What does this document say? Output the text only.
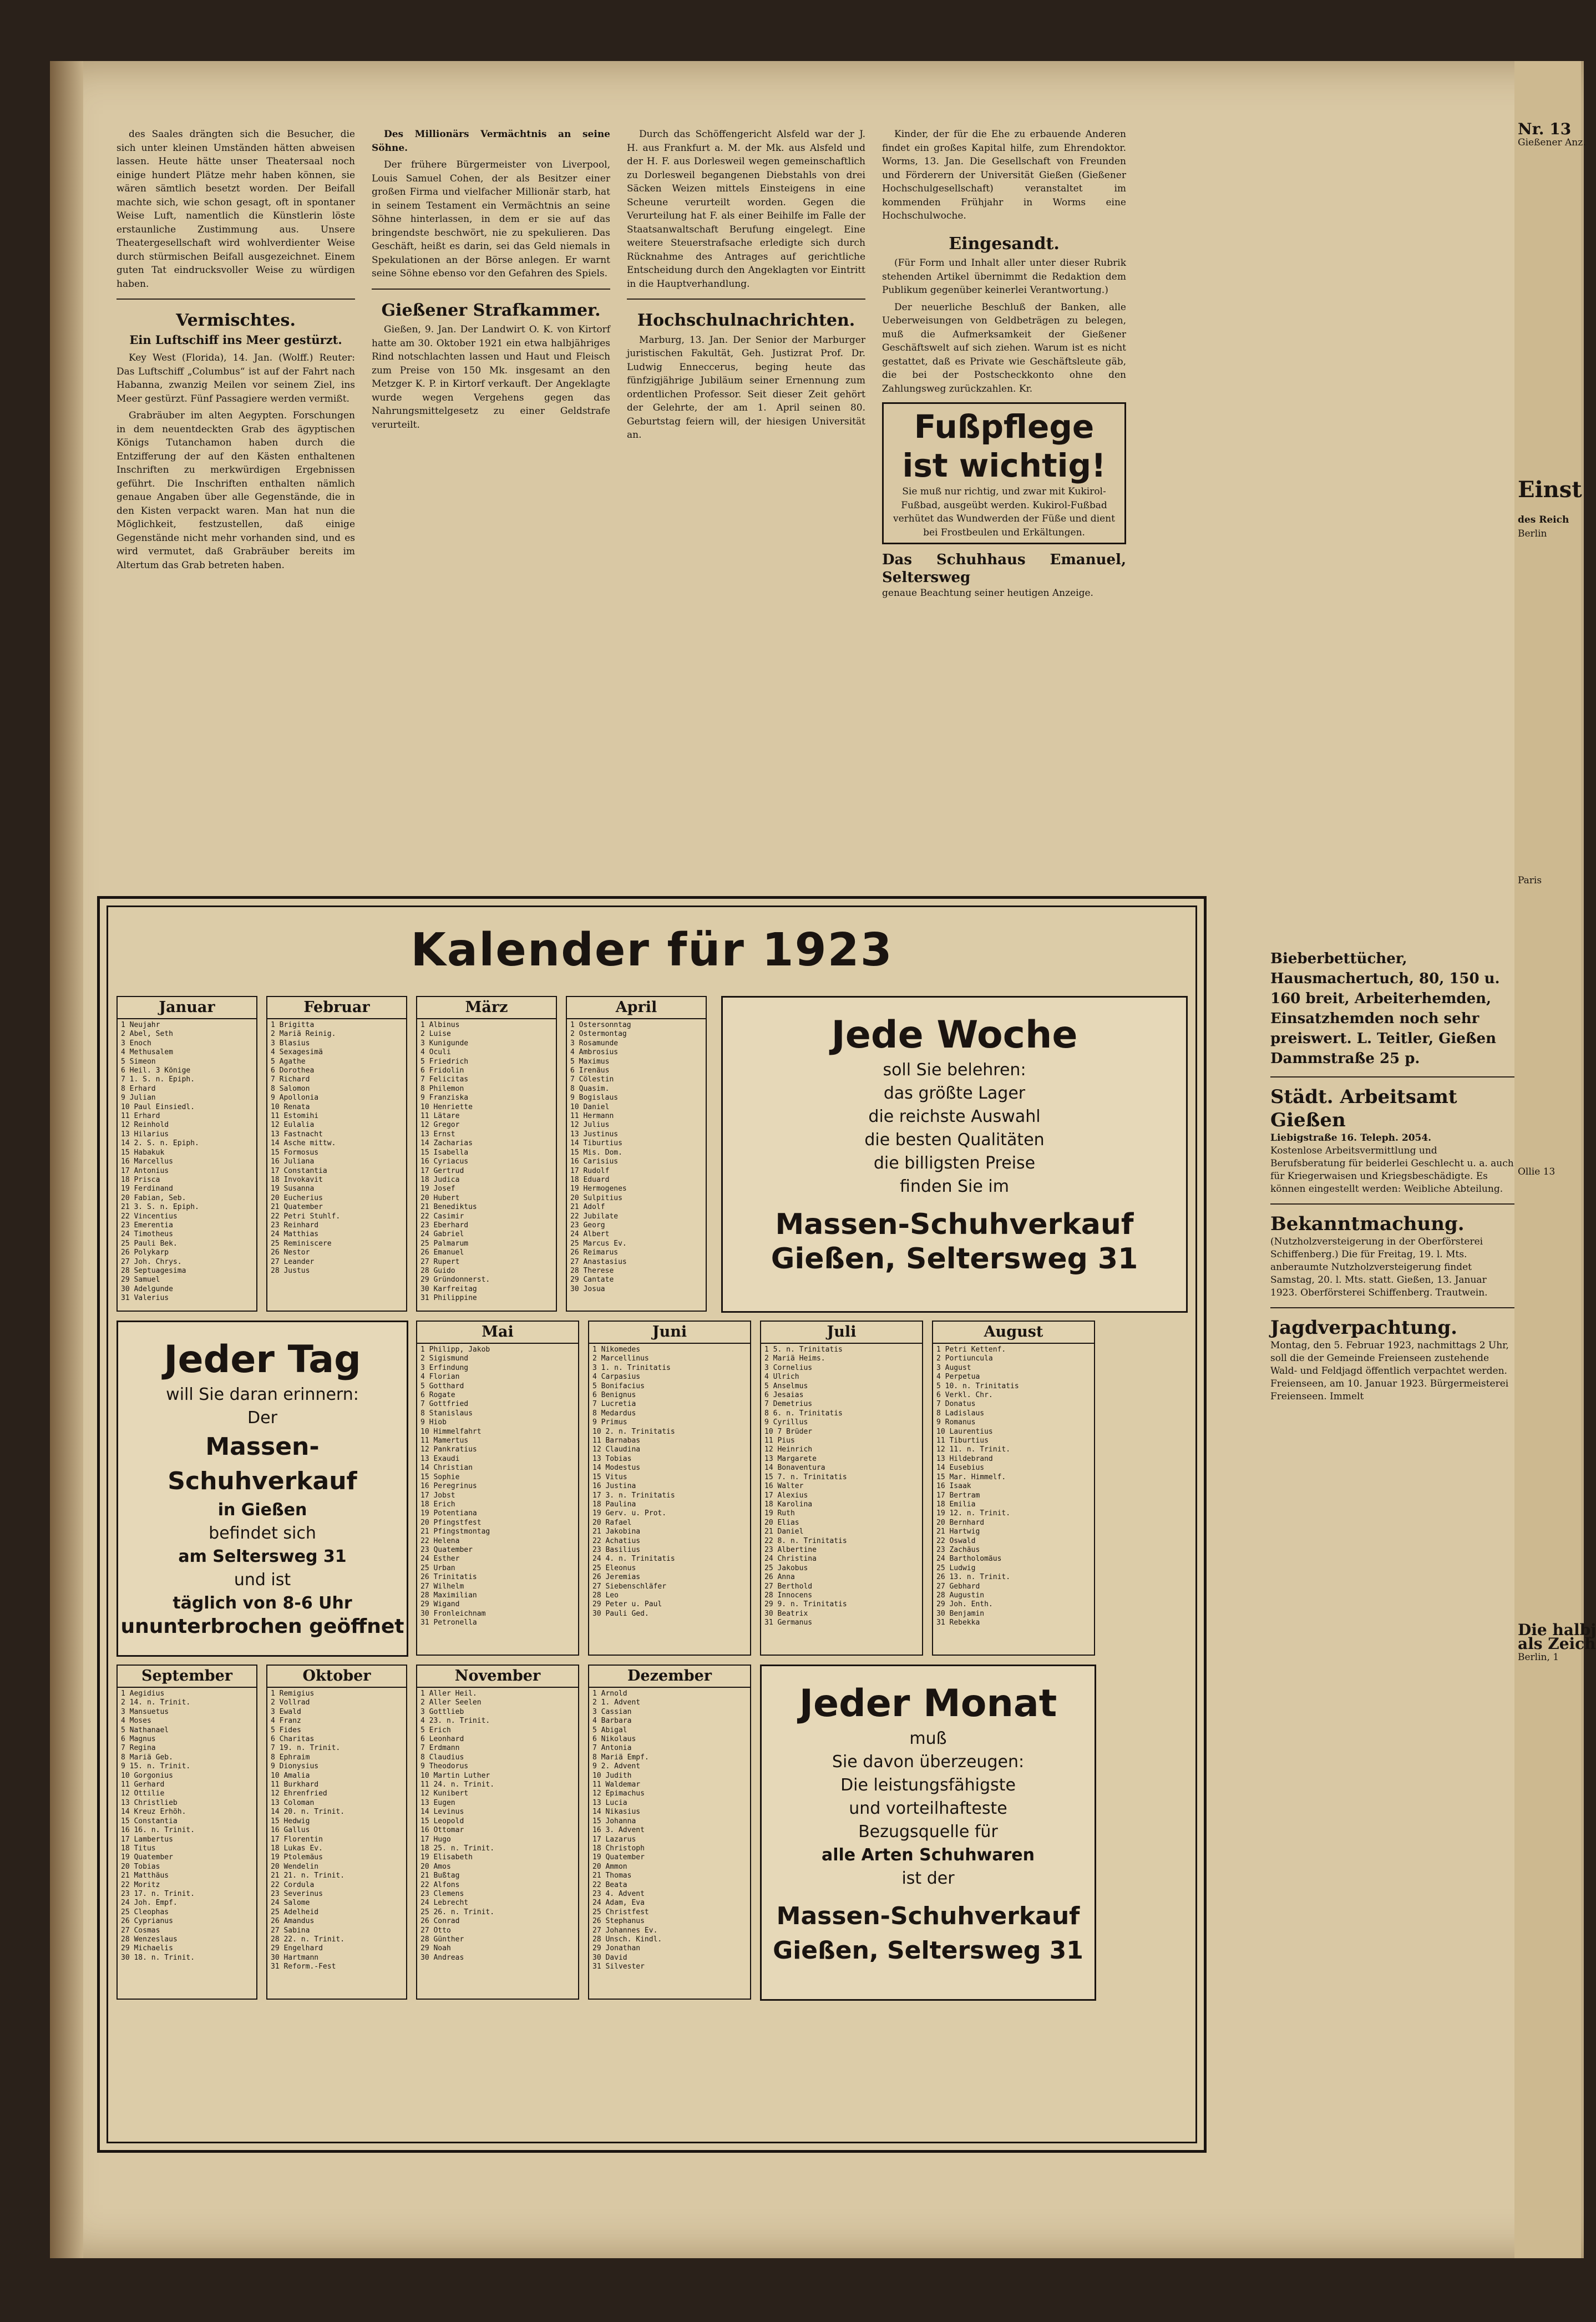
des Saales drängten sich die Besucher, die sich unter kleinen Umständen hätten abweisen lassen. Heute hätte unser Theatersaal noch einige hundert Plätze mehr haben können, sie wären sämtlich besetzt worden. Der Beifall machte sich, wie schon gesagt, oft in spontaner Weise Luft, namentlich die Künstlerin löste erstaunliche Zustimmung aus. Unsere Theatergesellschaft wird wohlverdienter Weise durch stürmischen Beifall ausgezeichnet. Einem guten Tat eindrucksvoller Weise zu würdigen haben.

Vermischtes.
Ein Luftschiff ins Meer gestürzt.

Key West (Florida), 14. Jan. (Wolff.) Reuter: Das Luftschiff „Columbus“ ist auf der Fahrt nach Habanna, zwanzig Meilen vor seinem Ziel, ins Meer gestürzt. Fünf Passagiere werden vermißt.

Grabräuber im alten Aegypten. Forschungen in dem neuentdeckten Grab des ägyptischen Königs Tutanchamon haben durch die Entzifferung der auf den Kästen enthaltenen Inschriften zu merkwürdigen Ergebnissen geführt. Die Inschriften enthalten nämlich genaue Angaben über alle Gegenstände, die in den Kisten verpackt waren. Man hat nun die Möglichkeit, festzustellen, daß einige Gegenstände nicht mehr vorhanden sind, und es wird vermutet, daß Grabräuber bereits im Altertum das Grab betreten haben.

Des Millionärs Vermächtnis an seine Söhne.

Der frühere Bürgermeister von Liverpool, Louis Samuel Cohen, der als Besitzer einer großen Firma und vielfacher Millionär starb, hat in seinem Testament ein Vermächtnis an seine Söhne hinterlassen, in dem er sie auf das bringendste beschwört, nie zu spekulieren. Das Geschäft, heißt es darin, sei das Geld niemals in Spekulationen an der Börse anlegen. Er warnt seine Söhne ebenso vor den Gefahren des Spiels.

Gießener Strafkammer.

Gießen, 9. Jan. Der Landwirt O. K. von Kirtorf hatte am 30. Oktober 1921 ein etwa halbjähriges Rind notschlachten lassen und Haut und Fleisch zum Preise von 150 Mk. insgesamt an den Metzger K. P. in Kirtorf verkauft. Der Angeklagte wurde wegen Vergehens gegen das Nahrungsmittelgesetz zu einer Geldstrafe verurteilt.

Durch das Schöffengericht Alsfeld war der J. H. aus Frankfurt a. M. der Mk. aus Alsfeld und der H. F. aus Dorlesweil wegen gemeinschaftlich zu Dorlesweil begangenen Diebstahls von drei Säcken Weizen mittels Einsteigens in eine Scheune verurteilt worden. Gegen die Verurteilung hat F. als einer Beihilfe im Falle der Staatsanwaltschaft Berufung eingelegt. Eine weitere Steuerstrafsache erledigte sich durch Rücknahme des Antrages auf gerichtliche Entscheidung durch den Angeklagten vor Eintritt in die Hauptverhandlung.

Hochschulnachrichten.

Marburg, 13. Jan. Der Senior der Marburger juristischen Fakultät, Geh. Justizrat Prof. Dr. Ludwig Enneccerus, beging heute das fünfzigjährige Jubiläum seiner Ernennung zum ordentlichen Professor. Seit dieser Zeit gehört der Gelehrte, der am 1. April seinen 80. Geburtstag feiern will, der hiesigen Universität an.

Kinder, der für die Ehe zu erbauende Anderen findet ein großes Kapital hilfe, zum Ehrendoktor. Worms, 13. Jan. Die Gesellschaft von Freunden und Förderern der Universität Gießen (Gießener Hochschulgesellschaft) veranstaltet im kommenden Frühjahr in Worms eine Hochschulwoche.

Eingesandt.

(Für Form und Inhalt aller unter dieser Rubrik stehenden Artikel übernimmt die Redaktion dem Publikum gegenüber keinerlei Verantwortung.)

Der neuerliche Beschluß der Banken, alle Ueberweisungen von Geldbeträgen zu belegen, muß die Aufmerksamkeit der Gießener Geschäftswelt auf sich ziehen. Warum ist es nicht gestattet, daß es Private wie Geschäftsleute gäb, die bei der Postscheckkonto ohne den Zahlungsweg zurückzahlen. Kr.

Fußpflege ist wichtig!
Sie muß nur richtig, und zwar mit Kukirol-Fußbad, ausgeübt werden. Kukirol-Fußbad verhütet das Wundwerden der Füße und dient bei Frostbeulen und Erkältungen.
Das Schuhhaus Emanuel, Seltersweg
genaue Beachtung seiner heutigen Anzeige.
Bieberbettücher, Hausmachertuch, 80, 150 u. 160 breit, Arbeiterhemden, Einsatzhemden noch sehr preiswert. L. Teitler, Gießen Dammstraße 25 p.
Städt. Arbeitsamt Gießen
Liebigstraße 16. Teleph. 2054.
Kostenlose Arbeitsvermittlung und Berufsberatung für beiderlei Geschlecht u. a. auch für Kriegerwaisen und Kriegsbeschädigte. Es können eingestellt werden: Weibliche Abteilung.
Bekanntmachung.
(Nutzholzversteigerung in der Oberförsterei Schiffenberg.) Die für Freitag, 19. l. Mts. anberaumte Nutzholzversteigerung findet Samstag, 20. l. Mts. statt. Gießen, 13. Januar 1923. Oberförsterei Schiffenberg. Trautwein.
Jagdverpachtung.
Montag, den 5. Februar 1923, nachmittags 2 Uhr, soll die der Gemeinde Freienseen zustehende Wald- und Feldjagd öffentlich verpachtet werden. Freienseen, am 10. Januar 1923. Bürgermeisterei Freienseen. Immelt
Nr. 13
Gießener Anz.
Einst
des Reich
Berlin
Paris
Ollie 13
Die halbj
als Zeich
Berlin, 1
Kalender für 1923
Januar
1 Neujahr
2 Abel, Seth
3 Enoch
4 Methusalem
5 Simeon
6 Heil. 3 Könige
7 1. S. n. Epiph.
8 Erhard
9 Julian
10 Paul Einsiedl.
11 Erhard
12 Reinhold
13 Hilarius
14 2. S. n. Epiph.
15 Habakuk
16 Marcellus
17 Antonius
18 Prisca
19 Ferdinand
20 Fabian, Seb.
21 3. S. n. Epiph.
22 Vincentius
23 Emerentia
24 Timotheus
25 Pauli Bek.
26 Polykarp
27 Joh. Chrys.
28 Septuagesima
29 Samuel
30 Adelgunde
31 Valerius
Februar
1 Brigitta
2 Mariä Reinig.
3 Blasius
4 Sexagesimä
5 Agathe
6 Dorothea
7 Richard
8 Salomon
9 Apollonia
10 Renata
11 Estomihi
12 Eulalia
13 Fastnacht
14 Asche mittw.
15 Formosus
16 Juliana
17 Constantia
18 Invokavit
19 Susanna
20 Eucherius
21 Quatember
22 Petri Stuhlf.
23 Reinhard
24 Matthias
25 Reminiscere
26 Nestor
27 Leander
28 Justus
März
1 Albinus
2 Luise
3 Kunigunde
4 Oculi
5 Friedrich
6 Fridolin
7 Felicitas
8 Philemon
9 Franziska
10 Henriette
11 Lätare
12 Gregor
13 Ernst
14 Zacharias
15 Isabella
16 Cyriacus
17 Gertrud
18 Judica
19 Josef
20 Hubert
21 Benediktus
22 Casimir
23 Eberhard
24 Gabriel
25 Palmarum
26 Emanuel
27 Rupert
28 Guido
29 Gründonnerst.
30 Karfreitag
31 Philippine
April
1 Ostersonntag
2 Ostermontag
3 Rosamunde
4 Ambrosius
5 Maximus
6 Irenäus
7 Cölestin
8 Quasim.
9 Bogislaus
10 Daniel
11 Hermann
12 Julius
13 Justinus
14 Tiburtius
15 Mis. Dom.
16 Carisius
17 Rudolf
18 Eduard
19 Hermogenes
20 Sulpitius
21 Adolf
22 Jubilate
23 Georg
24 Albert
25 Marcus Ev.
26 Reimarus
27 Anastasius
28 Therese
29 Cantate
30 Josua
Jede Woche
soll Sie belehren:
das größte Lager
die reichste Auswahl
die besten Qualitäten
die billigsten Preise
finden Sie im
Massen-Schuhverkauf
Gießen, Seltersweg 31
Jeder Tag
will Sie daran erinnern:
Der
Massen-Schuhverkauf
in Gießen
befindet sich
am Seltersweg 31
und ist
täglich von 8-6 Uhr
ununterbrochen geöffnet
Mai
1 Philipp, Jakob
2 Sigismund
3 Erfindung
4 Florian
5 Gotthard
6 Rogate
7 Gottfried
8 Stanislaus
9 Hiob
10 Himmelfahrt
11 Mamertus
12 Pankratius
13 Exaudi
14 Christian
15 Sophie
16 Peregrinus
17 Jobst
18 Erich
19 Potentiana
20 Pfingstfest
21 Pfingstmontag
22 Helena
23 Quatember
24 Esther
25 Urban
26 Trinitatis
27 Wilhelm
28 Maximilian
29 Wigand
30 Fronleichnam
31 Petronella
Juni
1 Nikomedes
2 Marcellinus
3 1. n. Trinitatis
4 Carpasius
5 Bonifacius
6 Benignus
7 Lucretia
8 Medardus
9 Primus
10 2. n. Trinitatis
11 Barnabas
12 Claudina
13 Tobias
14 Modestus
15 Vitus
16 Justina
17 3. n. Trinitatis
18 Paulina
19 Gerv. u. Prot.
20 Rafael
21 Jakobina
22 Achatius
23 Basilius
24 4. n. Trinitatis
25 Eleonus
26 Jeremias
27 Siebenschläfer
28 Leo
29 Peter u. Paul
30 Pauli Ged.
Juli
1 5. n. Trinitatis
2 Mariä Heims.
3 Cornelius
4 Ulrich
5 Anselmus
6 Jesaias
7 Demetrius
8 6. n. Trinitatis
9 Cyrillus
10 7 Brüder
11 Pius
12 Heinrich
13 Margarete
14 Bonaventura
15 7. n. Trinitatis
16 Walter
17 Alexius
18 Karolina
19 Ruth
20 Elias
21 Daniel
22 8. n. Trinitatis
23 Albertine
24 Christina
25 Jakobus
26 Anna
27 Berthold
28 Innocens
29 9. n. Trinitatis
30 Beatrix
31 Germanus
August
1 Petri Kettenf.
2 Portiuncula
3 August
4 Perpetua
5 10. n. Trinitatis
6 Verkl. Chr.
7 Donatus
8 Ladislaus
9 Romanus
10 Laurentius
11 Tiburtius
12 11. n. Trinit.
13 Hildebrand
14 Eusebius
15 Mar. Himmelf.
16 Isaak
17 Bertram
18 Emilia
19 12. n. Trinit.
20 Bernhard
21 Hartwig
22 Oswald
23 Zachäus
24 Bartholomäus
25 Ludwig
26 13. n. Trinit.
27 Gebhard
28 Augustin
29 Joh. Enth.
30 Benjamin
31 Rebekka
September
1 Aegidius
2 14. n. Trinit.
3 Mansuetus
4 Moses
5 Nathanael
6 Magnus
7 Regina
8 Mariä Geb.
9 15. n. Trinit.
10 Gorgonius
11 Gerhard
12 Ottilie
13 Christlieb
14 Kreuz Erhöh.
15 Constantia
16 16. n. Trinit.
17 Lambertus
18 Titus
19 Quatember
20 Tobias
21 Matthäus
22 Moritz
23 17. n. Trinit.
24 Joh. Empf.
25 Cleophas
26 Cyprianus
27 Cosmas
28 Wenzeslaus
29 Michaelis
30 18. n. Trinit.
Oktober
1 Remigius
2 Vollrad
3 Ewald
4 Franz
5 Fides
6 Charitas
7 19. n. Trinit.
8 Ephraim
9 Dionysius
10 Amalia
11 Burkhard
12 Ehrenfried
13 Coloman
14 20. n. Trinit.
15 Hedwig
16 Gallus
17 Florentin
18 Lukas Ev.
19 Ptolemäus
20 Wendelin
21 21. n. Trinit.
22 Cordula
23 Severinus
24 Salome
25 Adelheid
26 Amandus
27 Sabina
28 22. n. Trinit.
29 Engelhard
30 Hartmann
31 Reform.-Fest
November
1 Aller Heil.
2 Aller Seelen
3 Gottlieb
4 23. n. Trinit.
5 Erich
6 Leonhard
7 Erdmann
8 Claudius
9 Theodorus
10 Martin Luther
11 24. n. Trinit.
12 Kunibert
13 Eugen
14 Levinus
15 Leopold
16 Ottomar
17 Hugo
18 25. n. Trinit.
19 Elisabeth
20 Amos
21 Bußtag
22 Alfons
23 Clemens
24 Lebrecht
25 26. n. Trinit.
26 Conrad
27 Otto
28 Günther
29 Noah
30 Andreas
Dezember
1 Arnold
2 1. Advent
3 Cassian
4 Barbara
5 Abigal
6 Nikolaus
7 Antonia
8 Mariä Empf.
9 2. Advent
10 Judith
11 Waldemar
12 Epimachus
13 Lucia
14 Nikasius
15 Johanna
16 3. Advent
17 Lazarus
18 Christoph
19 Quatember
20 Ammon
21 Thomas
22 Beata
23 4. Advent
24 Adam, Eva
25 Christfest
26 Stephanus
27 Johannes Ev.
28 Unsch. Kindl.
29 Jonathan
30 David
31 Silvester
Jeder Monat
muß
Sie davon überzeugen:
Die leistungsfähigste
und vorteilhafteste
Bezugsquelle für
alle Arten Schuhwaren
ist der
Massen-Schuhverkauf
Gießen, Seltersweg 31
